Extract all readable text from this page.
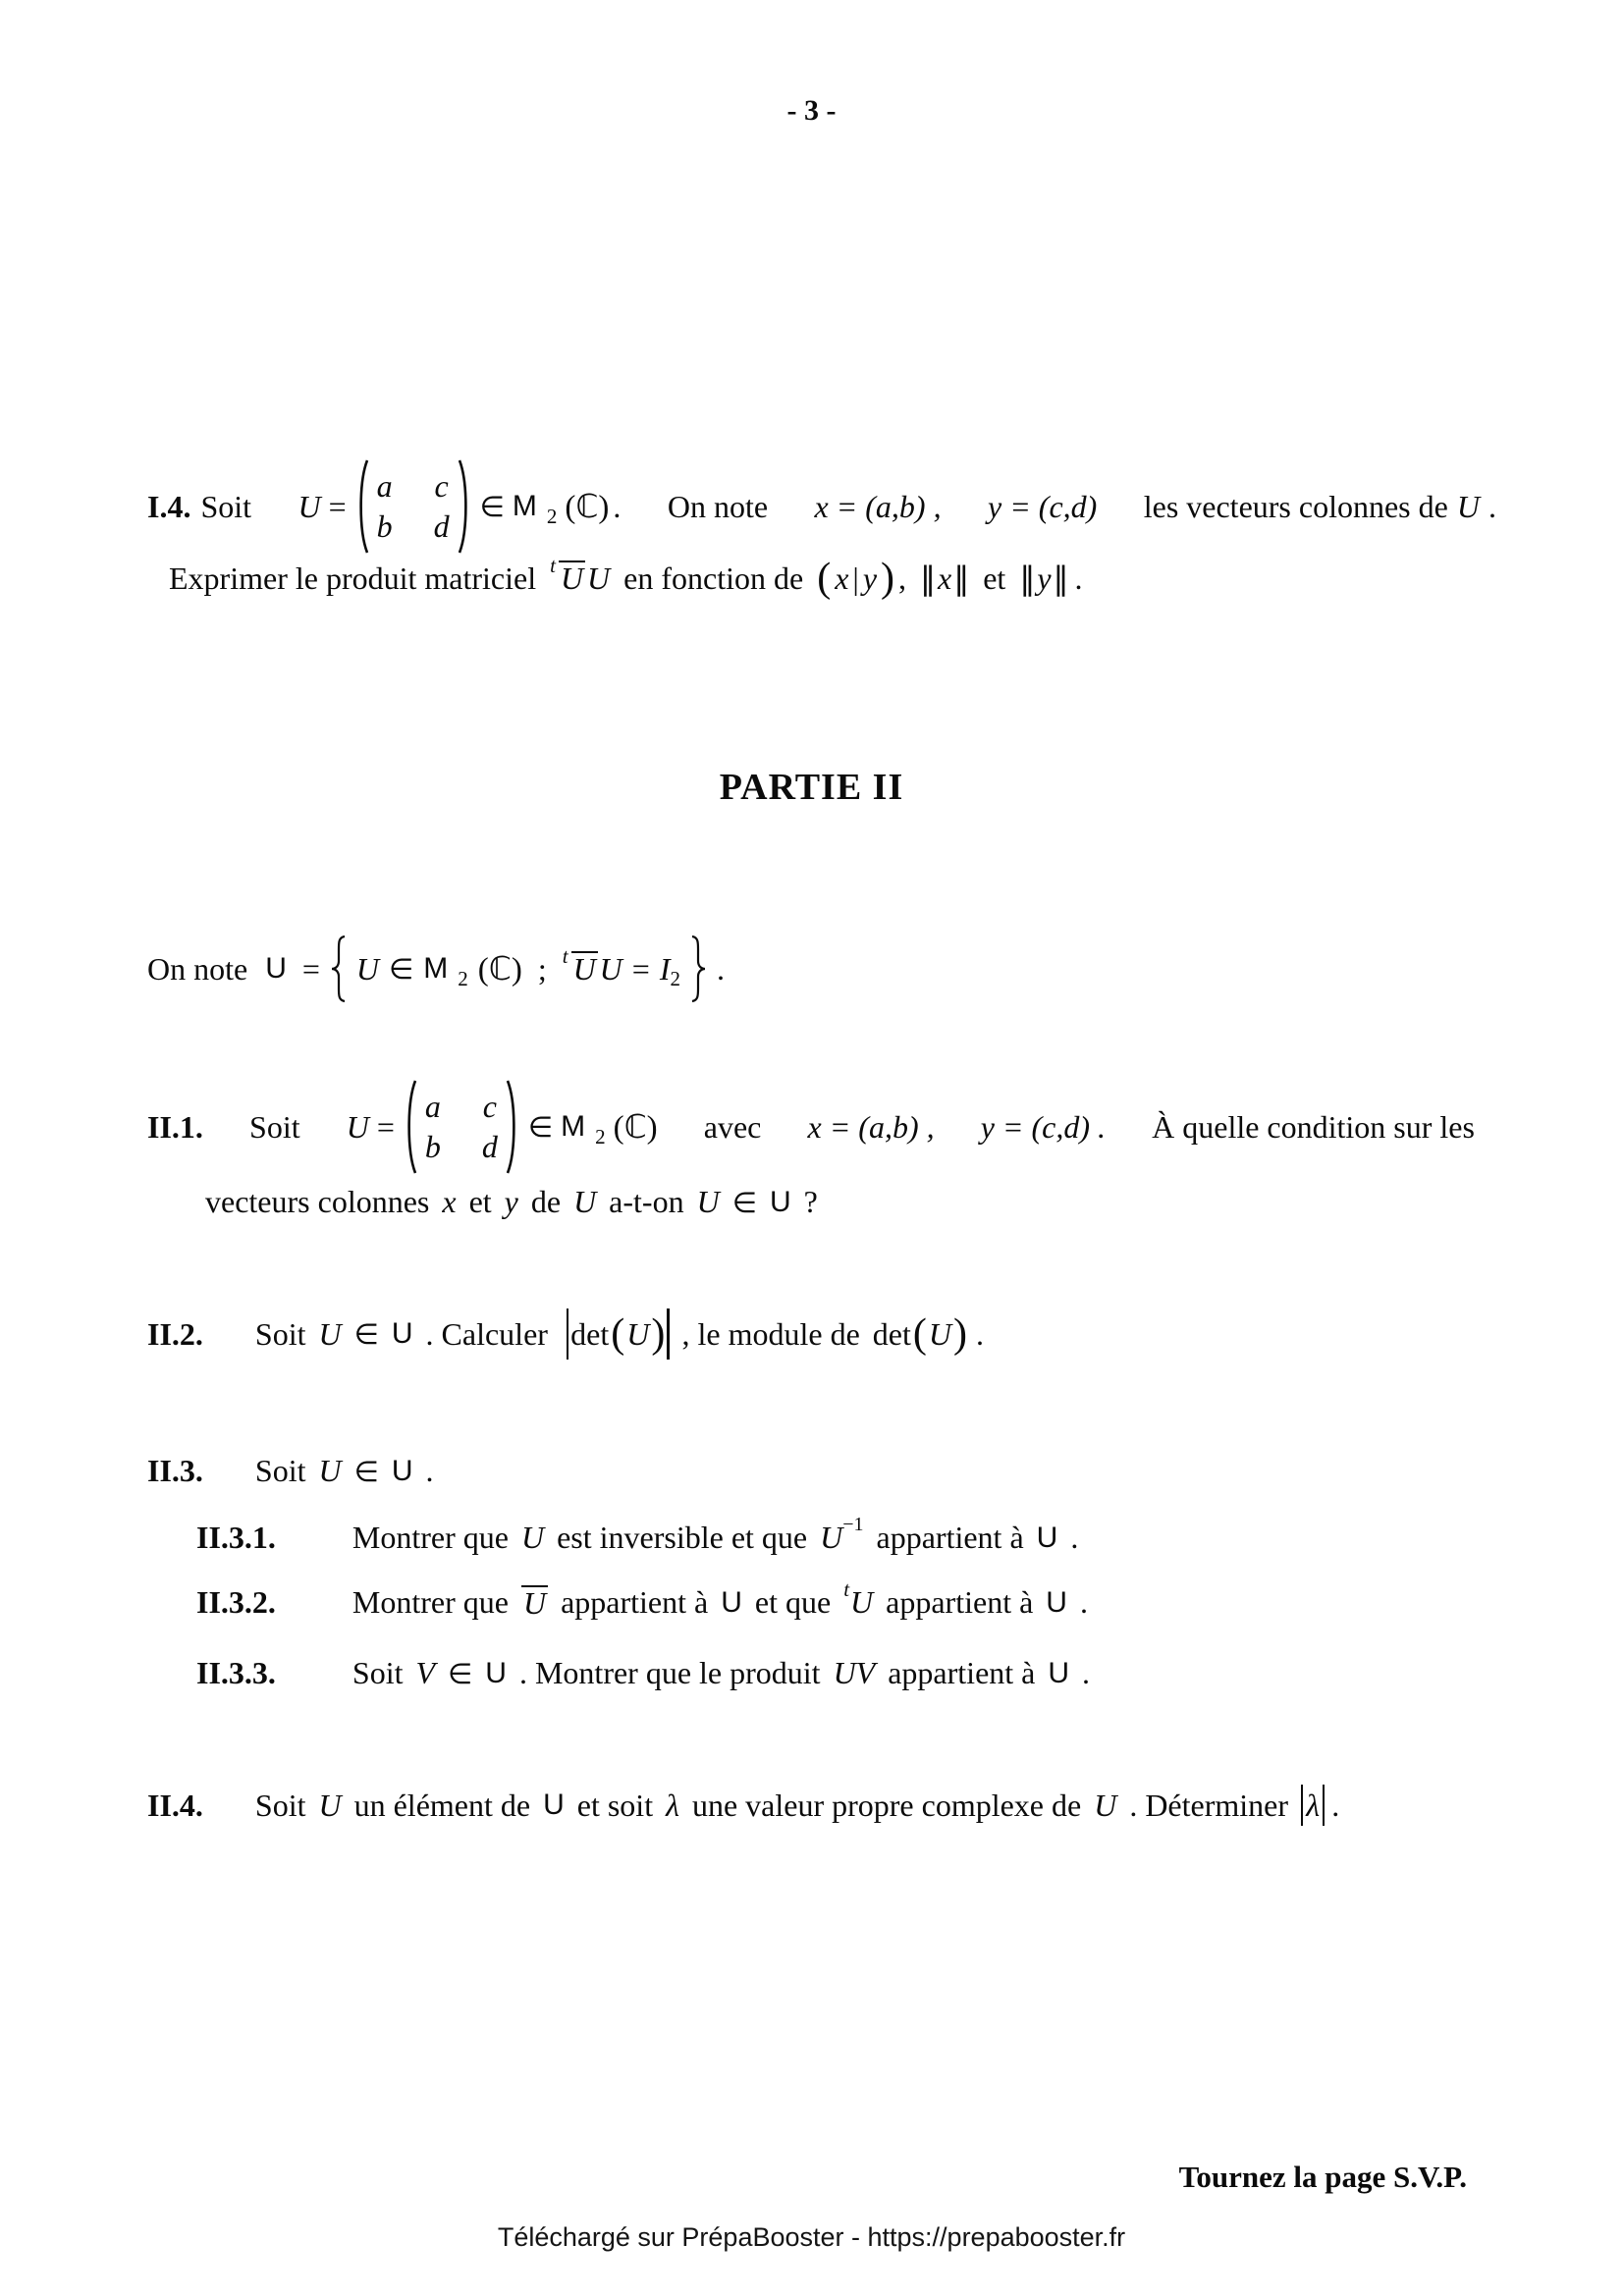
- 3 -
I.4. Soit U =
a c
b d
∈ M 2 (ℂ) . On note x = (a,b) , y = (c,d) les vecteurs colonnes de U .
Exprimer le produit matriciel t U U en fonction de ( x | y ) , ‖ x ‖ et ‖ y ‖ .
PARTIE II
On note U = U ∈ M 2 (ℂ) ; t U U = I 2 .
II.1. Soit U =
a c
b d
∈ M 2 (ℂ) avec x = (a,b) , y = (c,d) . À quelle condition sur les
vecteurs colonnes x et y de U a-t-on U ∈ U ?
II.2. Soit U ∈ U . Calculer det ( U ) , le module de det ( U ) .
II.3. Soit U ∈ U .
II.3.1. Montrer que U est inversible et que U −1 appartient à U .
II.3.2. Montrer que U appartient à U et que t U appartient à U .
II.3.3. Soit V ∈ U . Montrer que le produit UV appartient à U .
II.4. Soit U un élément de U et soit λ une valeur propre complexe de U . Déterminer λ .
Tournez la page S.V.P.
Téléchargé sur PrépaBooster - https://prepabooster.fr
